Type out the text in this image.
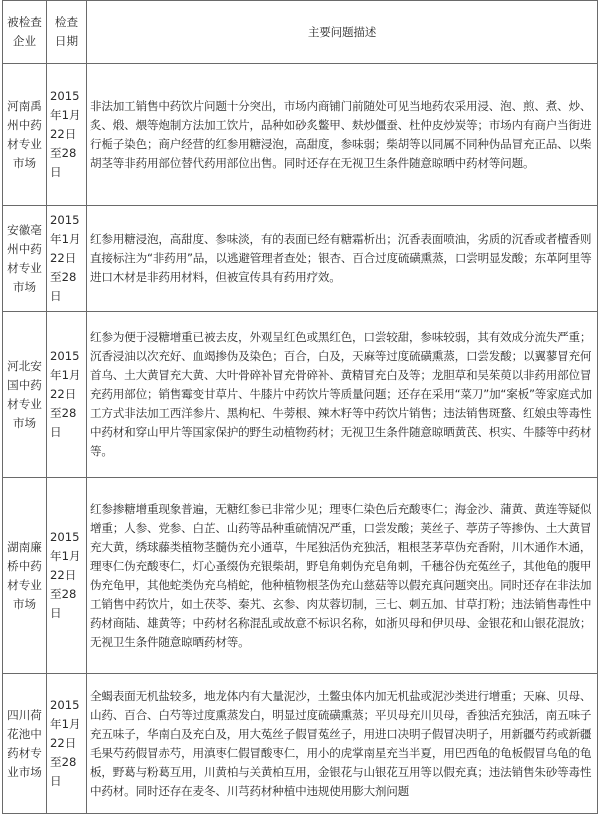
被检查企业	检查日期	主要问题描述
河南禹州中药材专业市场	2015年1月22日至28日	非法加工销售中药饮片问题十分突出，市场内商铺门前随处可见当地药农采用浸、泡、煎、煮、炒、炙、煅、煨等炮制方法加工饮片，品种如砂炙鳖甲、麸炒僵蚕、杜仲皮炒炭等；市场内有商户当街进行栀子染色；商户经营的红参用糖浸泡，高甜度，参味弱；柴胡等以同属不同种伪品冒充正品、以柴胡茎等非药用部位替代药用部位出售。同时还存在无视卫生条件随意晾晒中药材等问题。

安徽亳州中药材专业市场	2015年1月22日至28日	红参用糖浸泡，高甜度、参味淡，有的表面已经有糖霜析出；沉香表面喷油，劣质的沉香或者檀香则直接标注为“非药用”品，以逃避管理者查处；银杏、百合过度硫磺熏蒸，口尝明显发酸；东革阿里等进口木材是非药用材料，但被宣传具有药用疗效。

河北安国中药材专业市场	2015年1月22日至28日	红参为便于浸糖增重已被去皮，外观呈红色或黑红色，口尝较甜，参味较弱，其有效成分流失严重；沉香浸油以次充好、血竭掺伪及染色；百合，白及，天麻等过度硫磺熏蒸，口尝发酸；以翼蓼冒充何首乌、土大黄冒充大黄、大叶骨碎补冒充骨碎补、黄精冒充白及等；龙胆草和吴茱萸以非药用部位冒充药用部位；销售霉变甘草片、牛膝片中药饮片等质量问题；还存在采用“菜刀”加“案板”等家庭式加工方式非法加工西洋参片、黑枸杞、牛蒡根、辣木籽等中药饮片销售；违法销售斑蝥、红娘虫等毒性中药材和穿山甲片等国家保护的野生动植物药材；无视卫生条件随意晾晒黄芪、枳实、牛膝等中药材等。

湖南廉桥中药材专业市场	2015年1月22日至28日	红参掺糖增重现象普遍，无糖红参已非常少见；理枣仁染色后充酸枣仁；海金沙、蒲黄、黄连等疑似增重；人参、党参、白芷、山药等品种重硫情况严重，口尝发酸；荚丝子、葶苈子等掺伪、土大黄冒充大黄，绣球藤类植物茎髓伪充小通草，牛尾独活伪充独活，粗根茎茅草伪充香附，川木通作木通，理枣仁伪充酸枣仁，灯心蚤缀伪充银柴胡，野皂角刺伪充皂角刺，千穗谷伪充菟丝子，其他龟的腹甲伪充龟甲，其他蛇类伪充乌梢蛇，他种植物根茎伪充山慈菇等以假充真问题突出。同时还存在非法加工销售中药饮片，如土茯苓、秦艽、玄参、肉苁蓉切制，三七、刺五加、甘草打粉；违法销售毒性中药材商陆、雄黄等；中药材名称混乱或故意不标识名称，如浙贝母和伊贝母、金银花和山银花混放；无视卫生条件随意晾晒药材等。

四川荷花池中药材专业市场	2015年1月22日至28日	全蝎表面无机盐较多，地龙体内有大量泥沙，土鳖虫体内加无机盐或泥沙类进行增重；天麻、贝母、山药、百合、白芍等过度熏蒸发白，明显过度硫磺熏蒸；平贝母充川贝母，香独活充独活，南五味子充五味子，华南白及充白及，用大菟丝子假冒菟丝子，用进口决明子假冒决明子，用新疆芍药或新疆毛果芍药假冒赤芍，用滇枣仁假冒酸枣仁，用小的虎掌南星充当半夏，用巴西龟的龟板假冒乌龟的龟板，野葛与粉葛互用，川黄柏与关黄柏互用，金银花与山银花互用等以假充真；违法销售朱砂等毒性中药材。同时还存在麦冬、川芎药材种植中违规使用膨大剂问题
